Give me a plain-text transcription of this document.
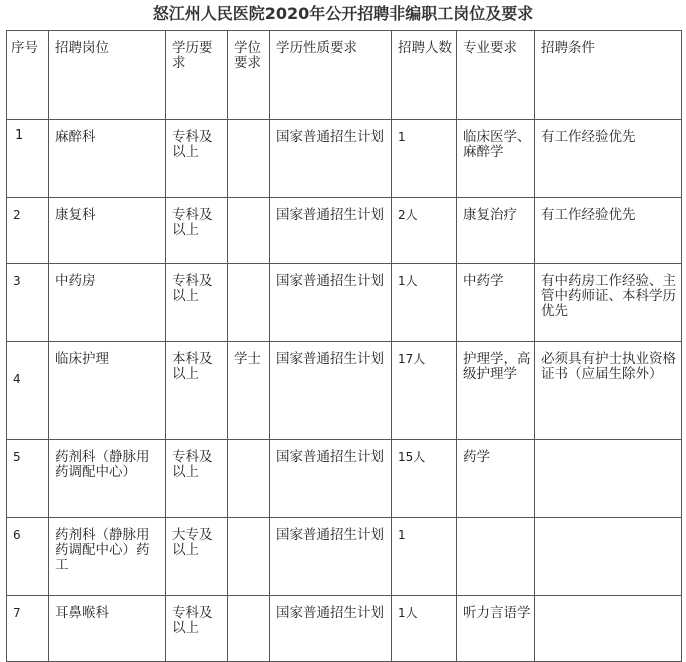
怒江州人民医院2020年公开招聘非编职工岗位及要求
序号	招聘岗位	学历要求	学位要求	学历性质要求	招聘人数	专业要求	招聘条件
1	麻醉科	专科及以上		国家普通招生计划	1	临床医学、麻醉学	有工作经验优先
2	康复科	专科及以上		国家普通招生计划	2人	康复治疗	有工作经验优先
3	中药房	专科及以上		国家普通招生计划	1人	中药学	有中药房工作经验、主管中药师证、本科学历优先
4	临床护理	本科及以上	学士	国家普通招生计划	17人	护理学，高级护理学	必须具有护士执业资格证书（应届生除外）
5	药剂科（静脉用药调配中心）	专科及以上		国家普通招生计划	15人	药学	
6	药剂科（静脉用药调配中心）药工	大专及以上		国家普通招生计划	1		
7	耳鼻喉科	专科及以上		国家普通招生计划	1人	听力言语学	
